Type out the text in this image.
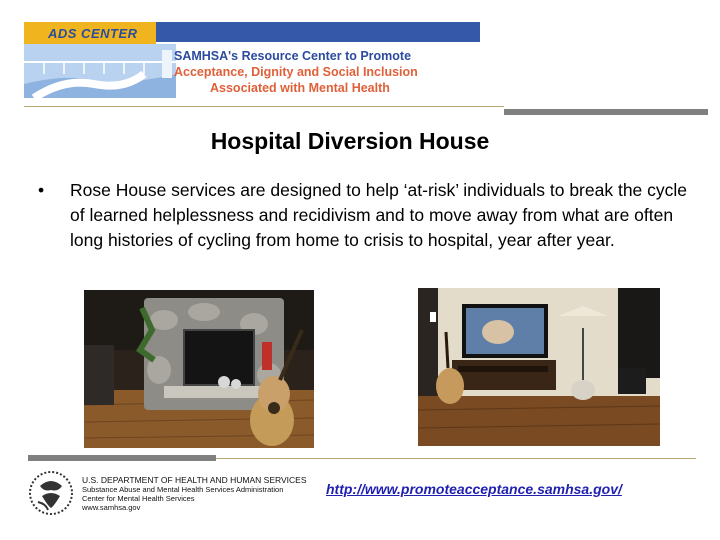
ADS CENTER
SAMHSA's Resource Center to Promote
Acceptance, Dignity and Social Inclusion
Associated with Mental Health
Hospital Diversion House
• Rose House services are designed to help ‘at-risk’ individuals to break the cycle of learned helplessness and recidivism and to move away from what are often long histories of cycling from home to crisis to hospital, year after year.
U.S. DEPARTMENT OF HEALTH AND HUMAN SERVICES
Substance Abuse and Mental Health Services Administration
Center for Mental Health Services
www.samhsa.gov
http://www.promoteacceptance.samhsa.gov/
